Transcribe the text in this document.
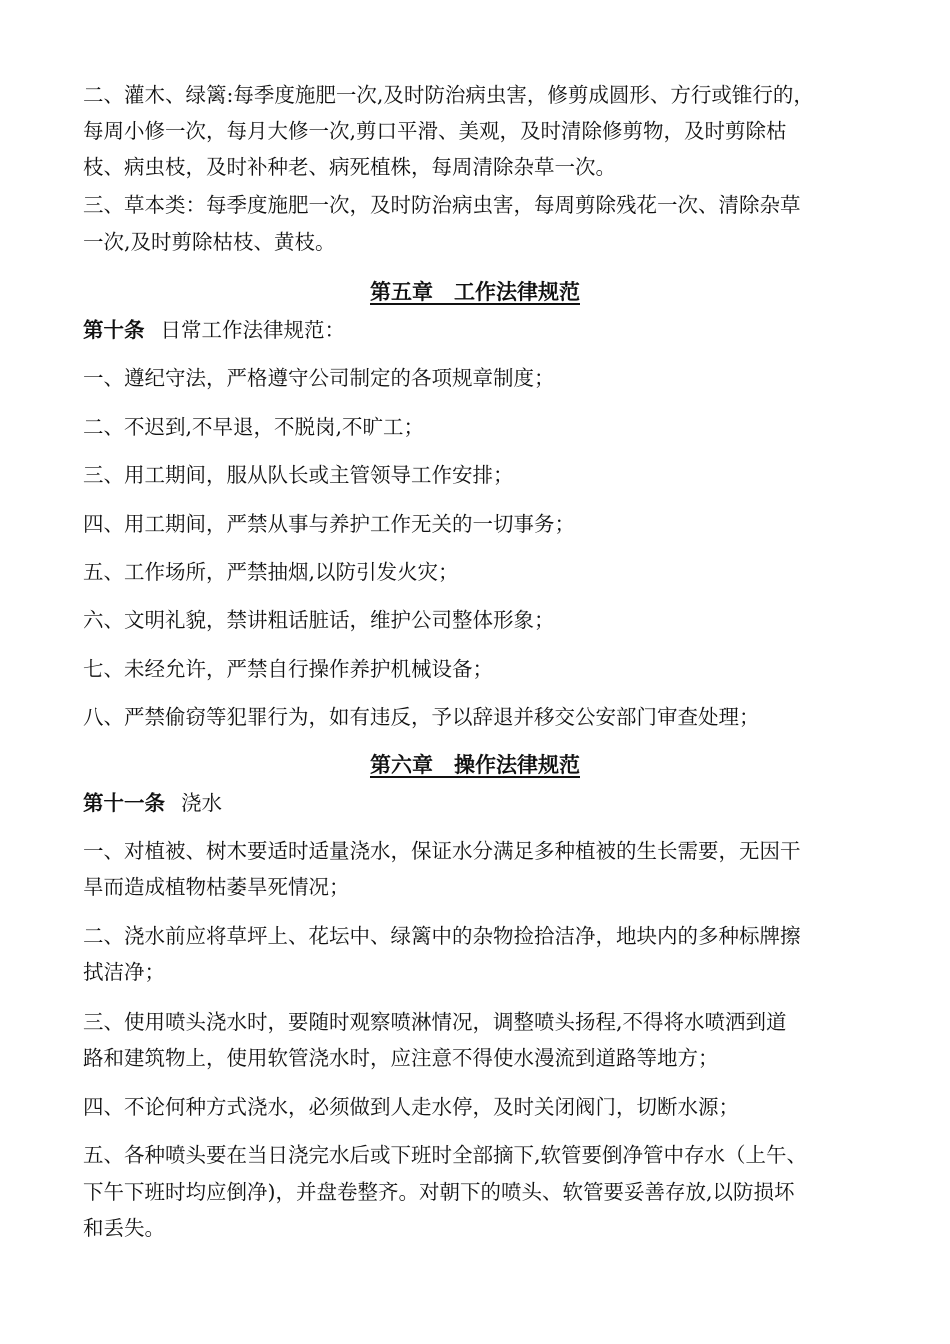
二、灌木、绿篱:每季度施肥一次,及时防治病虫害，修剪成圆形、方行或锥行的，
每周小修一次，每月大修一次,剪口平滑、美观，及时清除修剪物，及时剪除枯
枝、病虫枝，及时补种老、病死植株，每周清除杂草一次。
三、草本类：每季度施肥一次，及时防治病虫害，每周剪除残花一次、清除杂草
一次,及时剪除枯枝、黄枝。
第五章　工作法律规范
第十条 日常工作法律规范：
一、遵纪守法，严格遵守公司制定的各项规章制度；
二、不迟到,不早退，不脱岗,不旷工；
三、用工期间，服从队长或主管领导工作安排；
四、用工期间，严禁从事与养护工作无关的一切事务；
五、工作场所，严禁抽烟,以防引发火灾；
六、文明礼貌，禁讲粗话脏话，维护公司整体形象；
七、未经允许，严禁自行操作养护机械设备；
八、严禁偷窃等犯罪行为，如有违反，予以辞退并移交公安部门审查处理；
第六章　操作法律规范
第十一条 浇水
一、对植被、树木要适时适量浇水，保证水分满足多种植被的生长需要，无因干
旱而造成植物枯萎旱死情况；
二、浇水前应将草坪上、花坛中、绿篱中的杂物捡拾洁净，地块内的多种标牌擦
拭洁净；
三、使用喷头浇水时，要随时观察喷淋情况，调整喷头扬程,不得将水喷洒到道
路和建筑物上，使用软管浇水时，应注意不得使水漫流到道路等地方；
四、不论何种方式浇水，必须做到人走水停，及时关闭阀门，切断水源；
五、各种喷头要在当日浇完水后或下班时全部摘下,软管要倒净管中存水（上午、
下午下班时均应倒净)，并盘卷整齐。对朝下的喷头、软管要妥善存放,以防损坏
和丢失。
